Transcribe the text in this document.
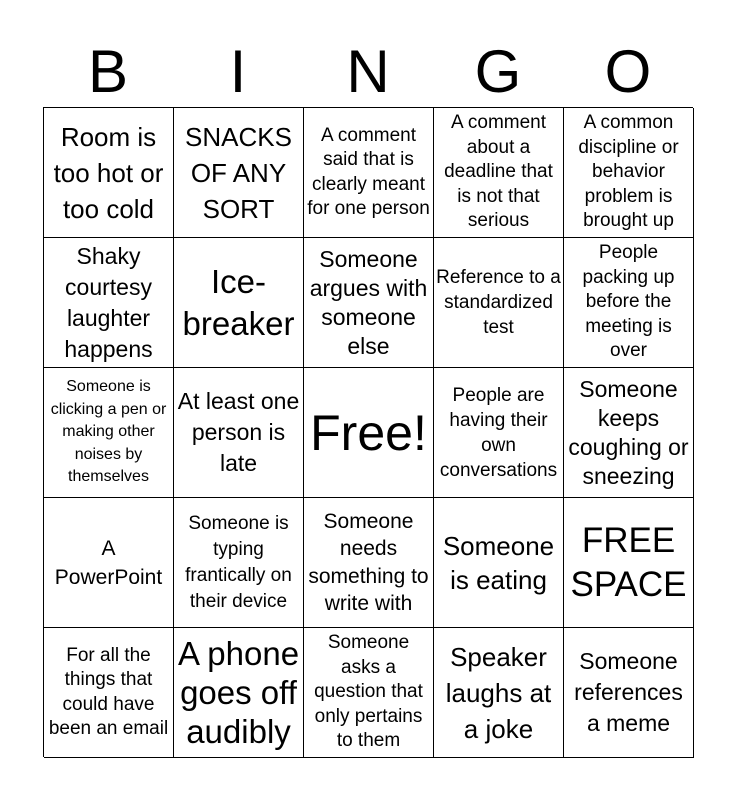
B	I	N	G	O
Room is too hot or too cold
SNACKS OF ANY SORT
A comment said that is clearly meant for one person
A comment about a deadline that is not that serious
A common discipline or behavior problem is brought up
Shaky courtesy laughter happens
Ice-breaker
Someone argues with someone else
Reference to a standardized test
People packing up before the meeting is over
Someone is clicking a pen or making other noises by themselves
At least one person is late
Free!
People are having their own conversations
Someone keeps coughing or sneezing
A PowerPoint
Someone is typing frantically on their device
Someone needs something to write with
Someone is eating
FREE SPACE
For all the things that could have been an email
A phone goes off audibly
Someone asks a question that only pertains to them
Speaker laughs at a joke
Someone references a meme
